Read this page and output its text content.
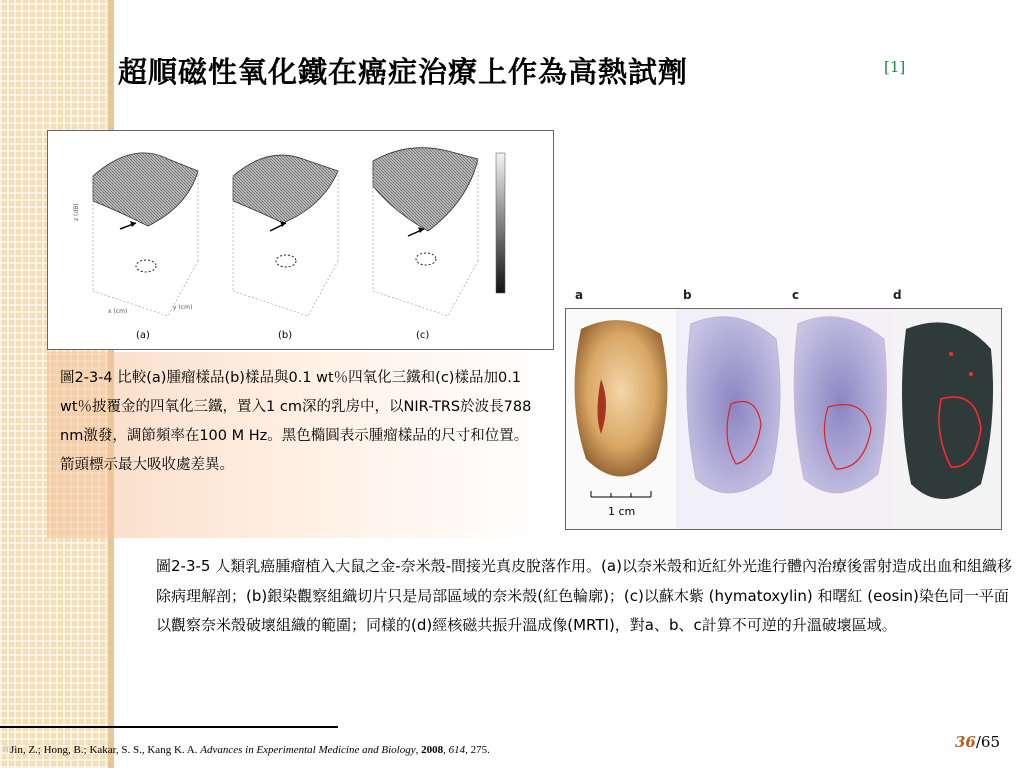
超順磁性氧化鐵在癌症治療上作為高熱試劑	[1]
(a)	(b)	(c)
x (cm)
y (cm)
z (dB)
a	b	c	d
1 cm
圖2-3-4 比較(a)腫瘤樣品(b)樣品與0.1 wt％四氧化三鐵和(c)樣品加0.1 wt％披覆金的四氧化三鐵，置入1 cm深的乳房中，以NIR-TRS於波長788 nm激發，調節頻率在100 M Hz。黑色橢圓表示腫瘤樣品的尺寸和位置。箭頭標示最大吸收處差異。
圖2-3-5 人類乳癌腫瘤植入大鼠之金-奈米殼-間接光真皮脫落作用。(a)以奈米殼和近紅外光進行體內治療後雷射造成出血和組織移除病理解剖；(b)銀染觀察組織切片只是局部區域的奈米殼(紅色輪廓)；(c)以蘇木紫 (hymatoxylin) 和曙紅 (eosin)染色同一平面以觀察奈米殼破壞組織的範圍；同樣的(d)經核磁共振升溫成像(MRTI)，對a、b、c計算不可逆的升溫破壞區域。
印 Jin, Z.; Hong, B.; Kakar, S. S., Kang K. A. Advances in Experimental Medicine and Biology, 2008, 614, 275.	36/65
